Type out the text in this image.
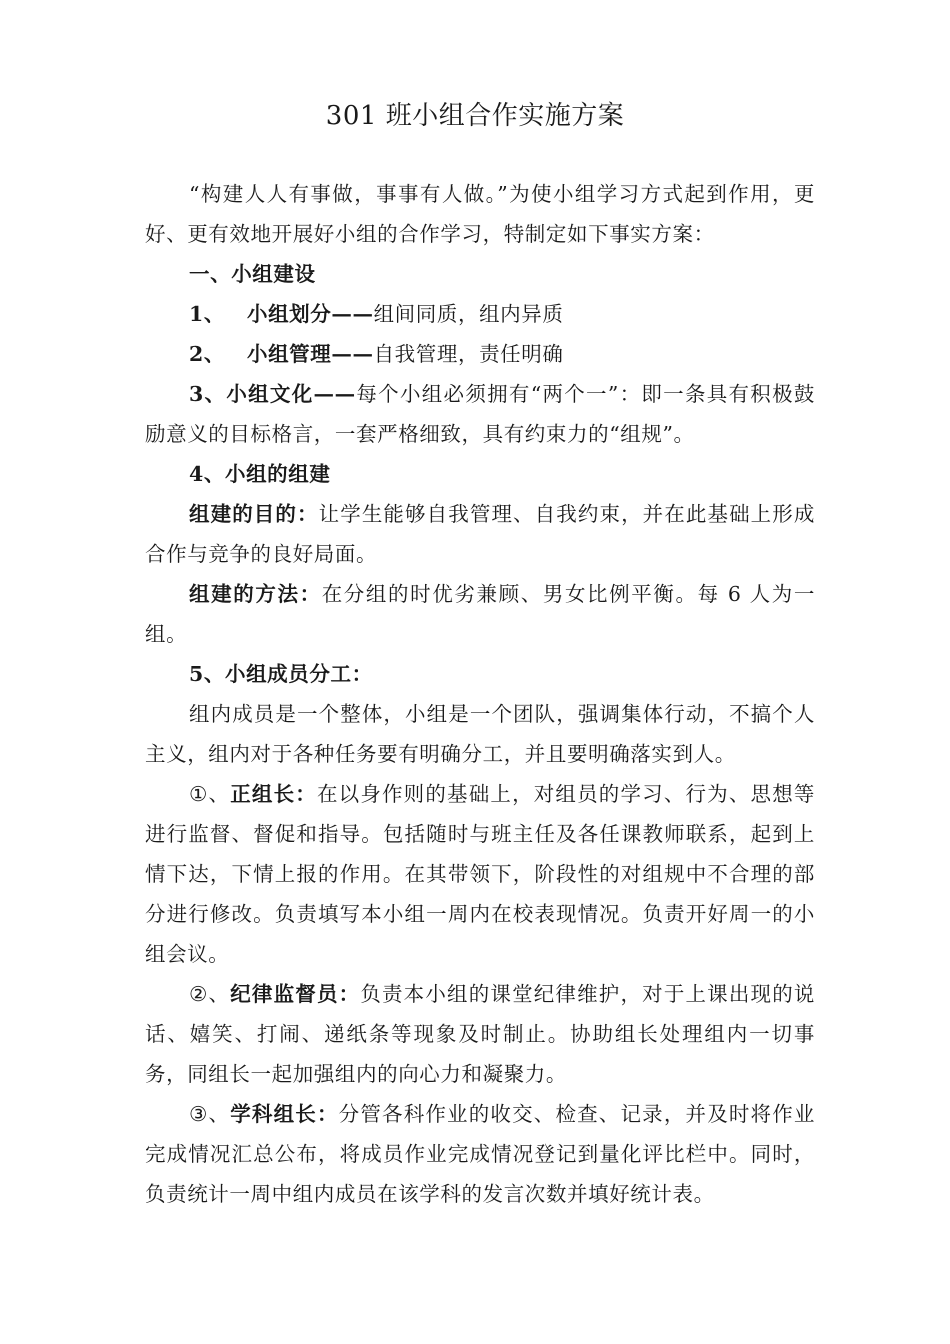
301 班小组合作实施方案

“构建人人有事做，事事有人做。”为使小组学习方式起到作用，更好、更有效地开展好小组的合作学习，特制定如下事实方案：

一、小组建设

1、 小组划分——组间同质，组内异质

2、 小组管理——自我管理，责任明确

3、小组文化——每个小组必须拥有“两个一”：即一条具有积极鼓励意义的目标格言，一套严格细致，具有约束力的“组规”。

4、小组的组建

组建的目的：让学生能够自我管理、自我约束，并在此基础上形成合作与竞争的良好局面。

组建的方法：在分组的时优劣兼顾、男女比例平衡。每 6 人为一组。

5、小组成员分工：

组内成员是一个整体，小组是一个团队，强调集体行动，不搞个人主义，组内对于各种任务要有明确分工，并且要明确落实到人。

①、正组长：在以身作则的基础上，对组员的学习、行为、思想等进行监督、督促和指导。包括随时与班主任及各任课教师联系，起到上情下达，下情上报的作用。在其带领下，阶段性的对组规中不合理的部分进行修改。负责填写本小组一周内在校表现情况。负责开好周一的小组会议。

②、纪律监督员：负责本小组的课堂纪律维护，对于上课出现的说话、嬉笑、打闹、递纸条等现象及时制止。协助组长处理组内一切事务，同组长一起加强组内的向心力和凝聚力。

③、学科组长：分管各科作业的收交、检查、记录，并及时将作业完成情况汇总公布，将成员作业完成情况登记到量化评比栏中。同时，负责统计一周中组内成员在该学科的发言次数并填好统计表。
